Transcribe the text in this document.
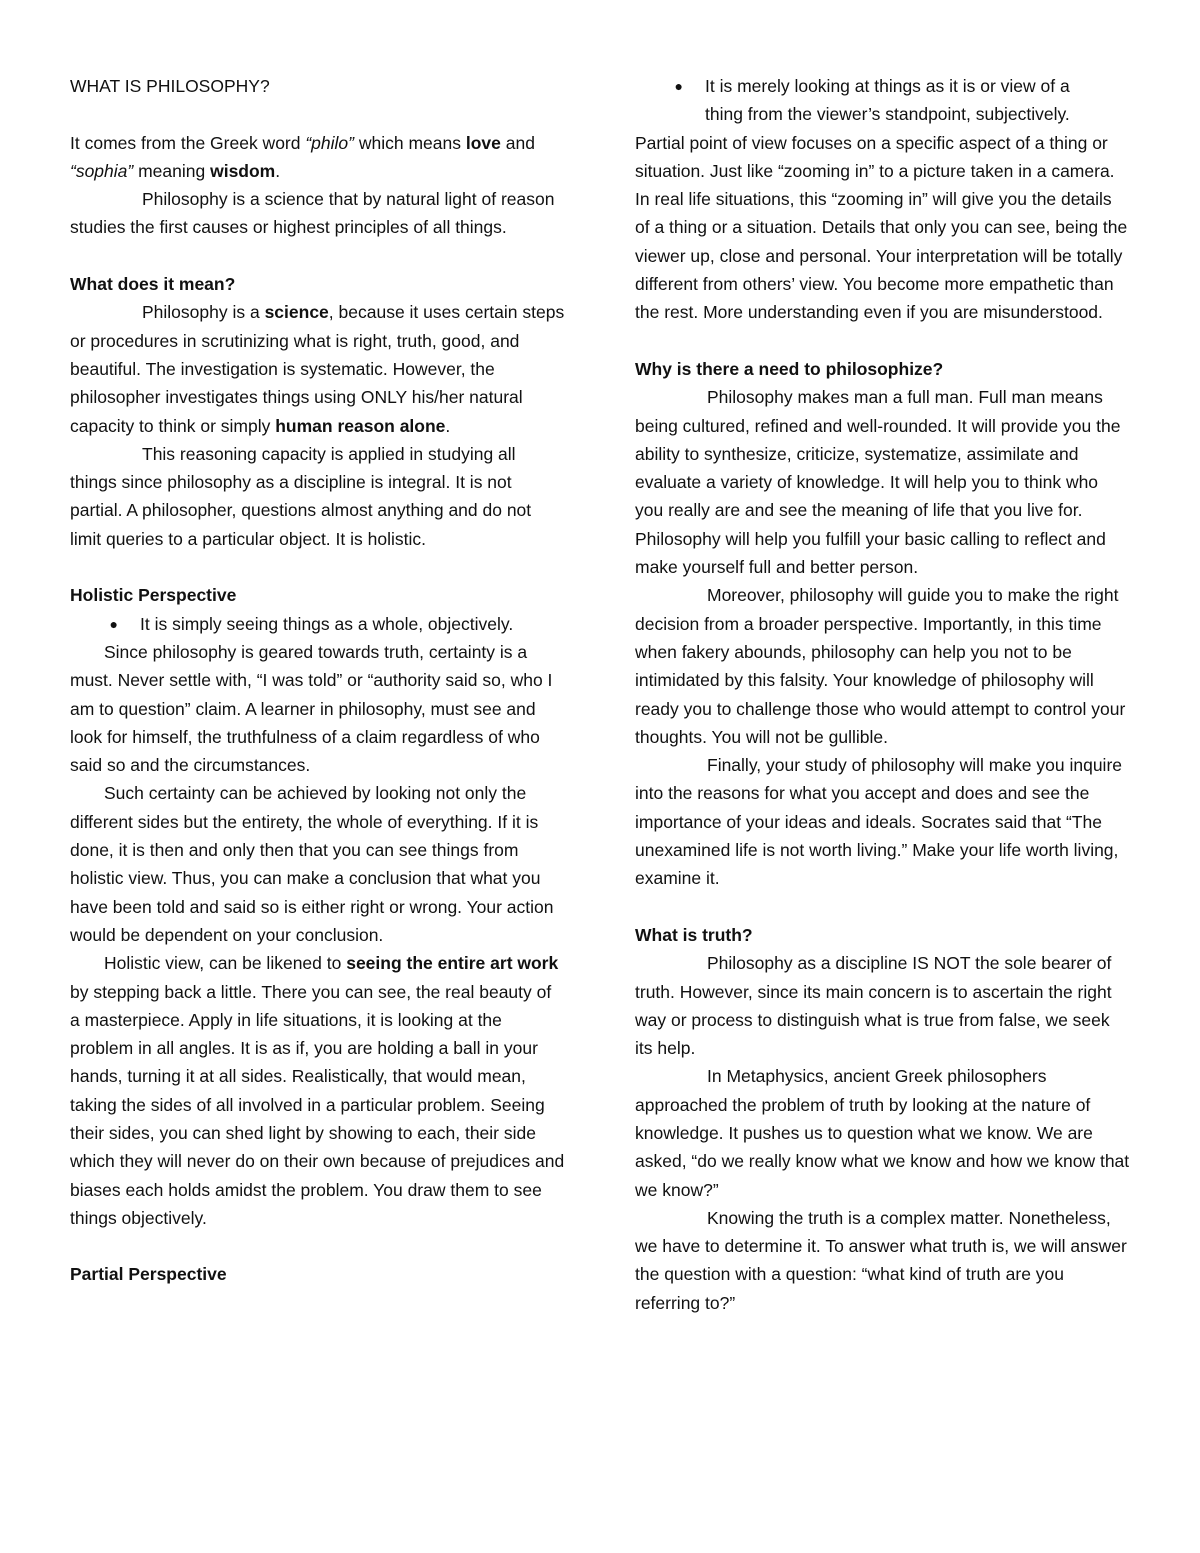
WHAT IS PHILOSOPHY?

It comes from the Greek word “philo” which means love and “sophia” meaning wisdom.

Philosophy is a science that by natural light of reason studies the first causes or highest principles of all things.

What does it mean?

Philosophy is a science, because it uses certain steps or procedures in scrutinizing what is right, truth, good, and beautiful. The investigation is systematic. However, the philosopher investigates things using ONLY his/her natural capacity to think or simply human reason alone.

This reasoning capacity is applied in studying all things since philosophy as a discipline is integral. It is not partial. A philosopher, questions almost anything and do not limit queries to a particular object. It is holistic.

Holistic Perspective

●	It is simply seeing things as a whole, objectively.

Since philosophy is geared towards truth, certainty is a must. Never settle with, “I was told” or “authority said so, who I am to question” claim. A learner in philosophy, must see and look for himself, the truthfulness of a claim regardless of who said so and the circumstances.

Such certainty can be achieved by looking not only the different sides but the entirety, the whole of everything. If it is done, it is then and only then that you can see things from holistic view. Thus, you can make a conclusion that what you have been told and said so is either right or wrong. Your action would be dependent on your conclusion.

Holistic view, can be likened to seeing the entire art work by stepping back a little. There you can see, the real beauty of a masterpiece. Apply in life situations, it is looking at the problem in all angles. It is as if, you are holding a ball in your hands, turning it at all sides. Realistically, that would mean, taking the sides of all involved in a particular problem. Seeing their sides, you can shed light by showing to each, their side which they will never do on their own because of prejudices and biases each holds amidst the problem. You draw them to see things objectively.

Partial Perspective

●	It is merely looking at things as it is or view of a

thing from the viewer’s standpoint, subjectively.

Partial point of view focuses on a specific aspect of a thing or situation. Just like “zooming in” to a picture taken in a camera. In real life situations, this “zooming in” will give you the details of a thing or a situation. Details that only you can see, being the viewer up, close and personal. Your interpretation will be totally different from others’ view. You become more empathetic than the rest. More understanding even if you are misunderstood.

Why is there a need to philosophize?

Philosophy makes man a full man. Full man means being cultured, refined and well-rounded. It will provide you the ability to synthesize, criticize, systematize, assimilate and evaluate a variety of knowledge. It will help you to think who you really are and see the meaning of life that you live for. Philosophy will help you fulfill your basic calling to reflect and make yourself full and better person.

Moreover, philosophy will guide you to make the right decision from a broader perspective. Importantly, in this time when fakery abounds, philosophy can help you not to be intimidated by this falsity. Your knowledge of philosophy will ready you to challenge those who would attempt to control your thoughts. You will not be gullible.

Finally, your study of philosophy will make you inquire into the reasons for what you accept and does and see the importance of your ideas and ideals. Socrates said that “The unexamined life is not worth living.” Make your life worth living, examine it.

What is truth?

Philosophy as a discipline IS NOT the sole bearer of truth. However, since its main concern is to ascertain the right way or process to distinguish what is true from false, we seek its help.

In Metaphysics, ancient Greek philosophers approached the problem of truth by looking at the nature of knowledge. It pushes us to question what we know. We are asked, “do we really know what we know and how we know that we know?”

Knowing the truth is a complex matter. Nonetheless, we have to determine it. To answer what truth is, we will answer the question with a question: “what kind of truth are you referring to?”
